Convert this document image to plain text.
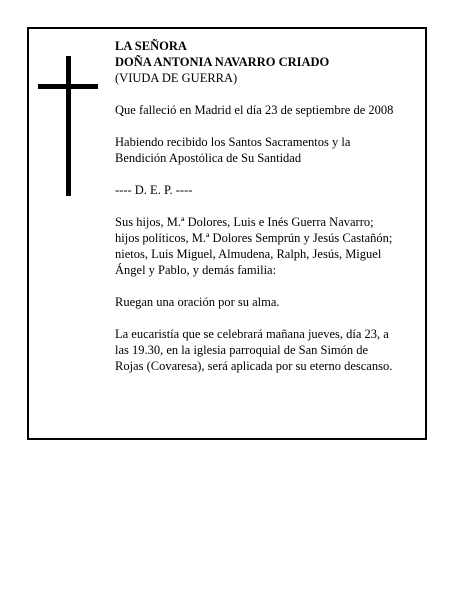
LA SEÑORA
DOÑA ANTONIA NAVARRO CRIADO
(VIUDA DE GUERRA)
Que falleció en Madrid el día 23 de septiembre de 2008
Habiendo recibido los Santos Sacramentos y la
Bendición Apostólica de Su Santidad
---- D. E. P. ----
Sus hijos, M.ª Dolores, Luis e Inés Guerra Navarro;
hijos políticos, M.ª Dolores Semprún y Jesús Castañón;
nietos, Luis Miguel, Almudena, Ralph, Jesús, Miguel
Ángel y Pablo, y demás familia:
Ruegan una oración por su alma.
La eucaristía que se celebrará mañana jueves, día 23, a
las 19.30, en la iglesia parroquial de San Simón de
Rojas (Covaresa), será aplicada por su eterno descanso.
